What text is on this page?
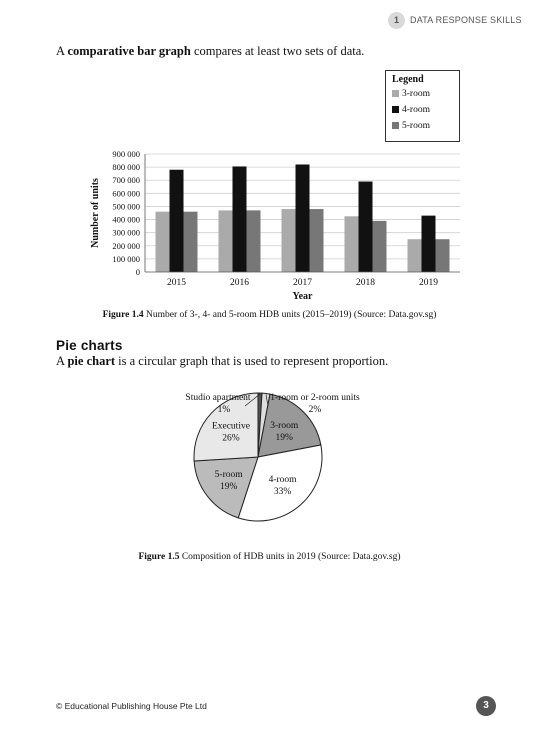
1	DATA RESPONSE SKILLS
A comparative bar graph compares at least two sets of data.
0
100 000
200 000
300 000
400 000
500 000
600 000
700 000
800 000
900 000
2015	2016	2017	2018	2019
Year
Number of units
Legend
3-room
4-room
5-room
Figure 1.4 Number of 3-, 4- and 5-room HDB units (2015–2019) (Source: Data.gov.sg)
Pie charts
A pie chart is a circular graph that is used to represent proportion.
3-room
19%
4-room
33%
5-room
19%
Executive
26%
Studio apartment
1%
1-room or 2-room units
2%
Figure 1.5 Composition of HDB units in 2019 (Source: Data.gov.sg)
© Educational Publishing House Pte Ltd	3
